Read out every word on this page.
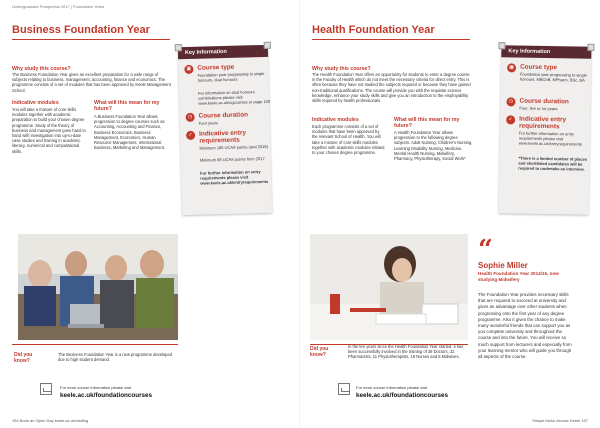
Undergraduate Prospectus 2017 | Foundation Years
Business Foundation Year
Why study this course?
The Business Foundation Year gives an excellent preparation for a wide range of subjects relating to business, management, accounting, finance and economics. The programme consists of a set of modules that has been approved by Keele Management School.
Indicative modules
You will take a mixture of core skills modules together with academic preparation to build your chosen degree programme. Study of the theory of business and management goes hand in hand with investigation into up-to-date case studies and training in academic literacy, numerical and computational skills.
What will this mean for my future?
A Business Foundation Year allows progression to degree courses such as Accounting, Accounting and Finance, Business Economics, Business Management, Economics, Human Resource Management, International Business, Marketing and Management.
Key Information
▣ Course type
Foundation year progressing to single honours, dual honours
For information on dual honours combinations please visit www.keele.ac.uk/ugcourses or page 158
◷ Course duration
Four years
✓ Indicative entry requirements
Minimum 160 UCAS points (and 2016)
Minimum 68 UCAS points from 2017
For further information on entry requirements please visit www.keele.ac.uk/entryrequirements
Did you know?
The Business Foundation Year is a new programme developed due to high student demand.
For more course information please visit
keele.ac.uk/foundationcourses
154 Book an Open Day keele.ac.uk/visiting
Health Foundation Year
Why study this course?
The Health Foundation Year offers an opportunity for students to enter a degree course in the Faculty of Health which do not meet the necessary criteria for direct entry. This is often because they have not studied the subjects required or because they have gained non-traditional qualifications. The course will provide you with the requisite science knowledge, enhance your study skills and give you an introduction to the employability skills required by health professionals.
Indicative modules
Each programme consists of a set of modules that have been approved by the relevant School of Health. You will take a mixture of core skills modules together with academic modules related to your chosen degree programme.
What will this mean for my future?
A Health Foundation Year allows progression to the following degree subjects: Adult Nursing, Children's Nursing, Learning Disability Nursing, Medicine, Mental Health Nursing, Midwifery, Pharmacy, Physiotherapy, Social Work*
Key Information
▣ Course type
Foundation year progressing to single honours, MBChB, MPharm, BSc, BA
◷ Course duration
Four, five or six years
✓ Indicative entry requirements
For further information on entry requirements please visit www.keele.ac.uk/entryrequirements
*There is a limited number of places and shortlisted candidates will be required to undertake an interview.
Did you know?
In the ten years since the Health Foundation Year started, it has been successfully involved in the training of 38 Doctors, 32 Pharmacists, 11 Physiotherapists, 19 Nurses and 8 Midwives.
For more course information please visit
keele.ac.uk/foundationcourses
“
Sophie Miller
Health Foundation Year 2014/15, now studying Midwifery
The Foundation Year provides necessary skills that are required to succeed at university and gives an advantage over other students when progressing onto the first year of any degree programme. Also it gives the chance to make many wonderful friends that can support you as you complete university and throughout the course and into the future. You will receive so much support from lecturers and especially from your learning mentor who will guide you through all aspects of the course.
Simple tricks choose Keele 157
